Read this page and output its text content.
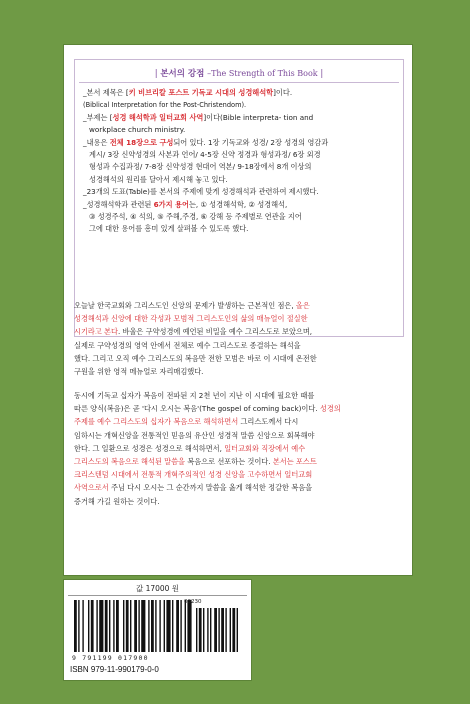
| 본서의 강점 –The Strength of This Book |
_본서 제목은 [키 비브리칼 포스트 기독교 시대의 성경해석학]이다.
(Biblical Interpretation for the Post-Christendom).
_부제는 [성경 해석학과 일터교회 사역]이다(Bible interpreta- tion and
workplace church ministry.
_내용은 전체 18장으로 구성되어 있다. 1장 기독교와 성경/ 2장 성경의 영감과
계시/ 3장 신약성경의 사본과 언어/ 4-5장 신약 정경과 형성과정/ 6장 외경
형성과 수집과정/ 7-8장 신약성경 현대어 역본/ 9-18장에서 8개 이상의
성경해석의 원리를 달아서 제시해 놓고 있다.
_23개의 도표(Table)를 본서의 주제에 맞게 성경해석과 관련하여 제시했다.
_성경해석학과 관련된 6가지 용어는, ① 성경해석학, ② 성경해석,
③ 성경주석, ④ 석의, ⑤ 주해,주경, ⑥ 강해 등 주제별로 연관을 지어
그에 대한 용어를 흥미 있게 살펴볼 수 있도록 했다.
오늘날 한국교회와 그리스도인 신앙의 문제가 발생하는 근본적인 점은, 올은
성경해석과 신앙에 대한 각성과 모범적 그리스도인의 삶의 매뉴얼이 절실한
시기라고 본다. 바울은 구약성경에 예언된 비밀을 예수 그리스도로 보았으며,
실제로 구약성경의 영역 안에서 전체로 예수 그리스도로 종결하는 해석을
했다. 그리고 오직 예수 그리스도의 복음만 전한 모범은 바로 이 시대에 온전한
구원을 위한 영적 메뉴얼로 자리매김했다.
동시에 기독교 십자가 복음이 전파된 지 2천 년이 지난 이 시대에 필요한 때를
따른 양식(복음)은 곧 '다시 오시는 복음'(The gospel of coming back)이다. 성경의
주제를 예수 그리스도의 십자가 복음으로 해석하면서 그리스도께서 다시
임하시는 개혁신앙을 전통적인 믿음의 유산인 성경적 말씀 신앙으로 회복해야
한다. 그 일환으로 성경은 성경으로 해석하면서, 일터교회와 직장에서 예수
그리스도의 복음으로 해석된 말씀을 복음으로 선포하는 것이다. 본서는 포스트
크리스텐덤 시대에서 전통적 개혁주의적인 성경 신앙을 고수하면서 일터교회
사역으로서 주님 다시 오시는 그 순간까지 말씀을 옳게 해석한 정갈한 복음을
증거해 가길 원하는 것이다.
값 17000 원
03230
9 791199 017900
ISBN 979-11-990179-0-0
